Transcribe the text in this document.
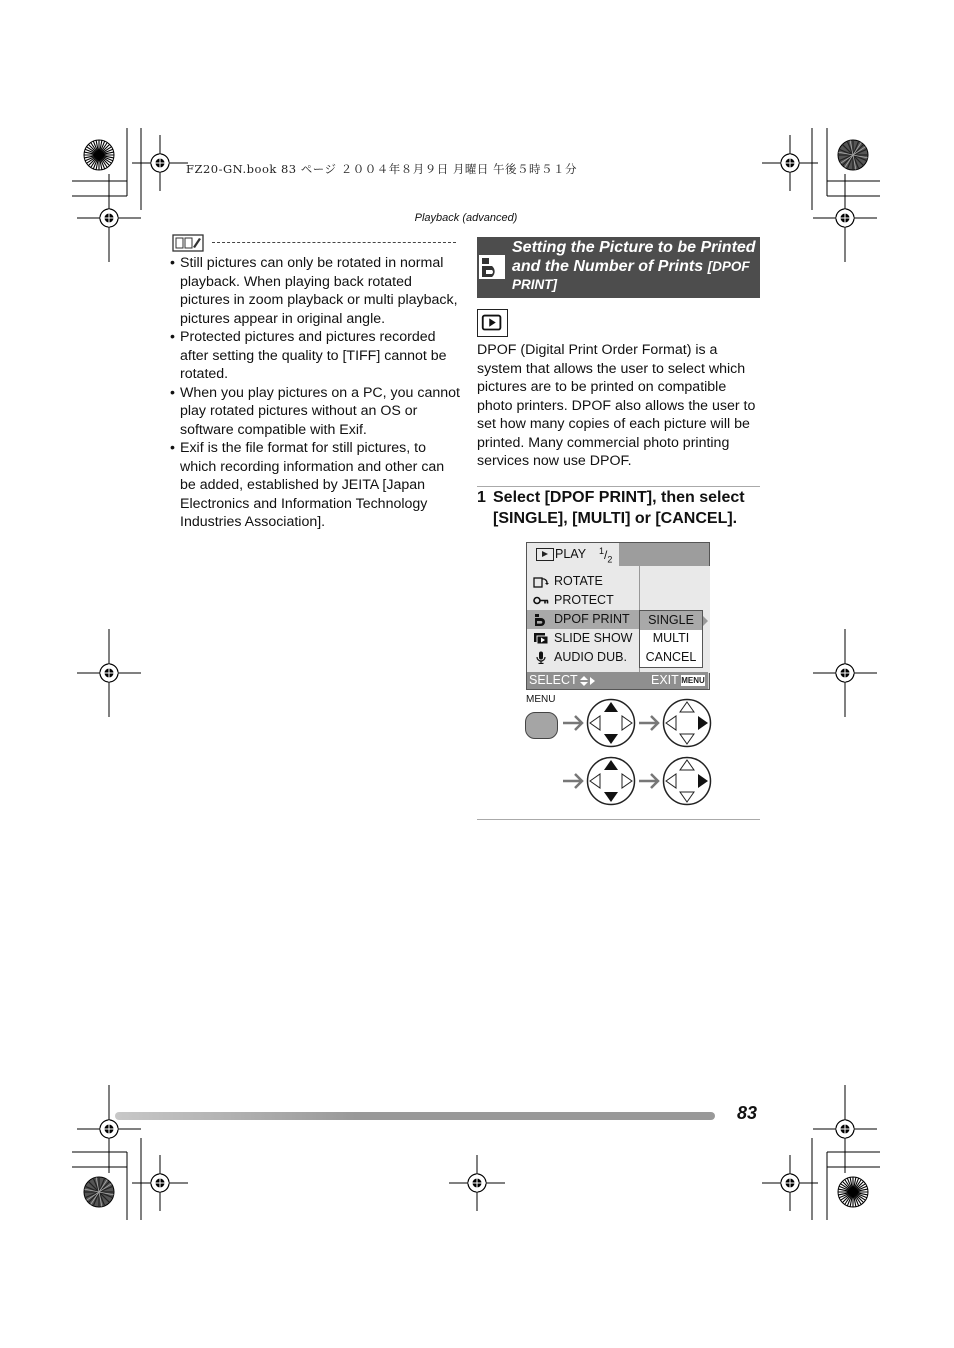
FZ20-GN.book 83 ページ ２００４年８月９日 月曜日 午後５時５１分
Playback (advanced)
• Still pictures can only be rotated in normal playback. When playing back rotated pictures in zoom playback or multi playback, pictures appear in original angle.
• Protected pictures and pictures recorded after setting the quality to [TIFF] cannot be rotated.
• When you play pictures on a PC, you cannot play rotated pictures without an OS or software compatible with Exif.
• Exif is the file format for still pictures, to which recording information and other can be added, established by JEITA [Japan Electronics and Information Technology Industries Association].
Setting the Picture to be Printed and the Number of Prints [DPOF PRINT]
DPOF (Digital Print Order Format) is a system that allows the user to select which pictures are to be printed on compatible photo printers. DPOF also allows the user to set how many copies of each picture will be printed. Many commercial photo printing services now use DPOF.
1 Select [DPOF PRINT], then select [SINGLE], [MULTI] or [CANCEL].
PLAY $^1/_2$
ROTATE
PROTECT
DPOF PRINT
SLIDE SHOW
AUDIO DUB.
SINGLE
MULTI
CANCEL
SELECT	EXIT MENU
MENU
83
